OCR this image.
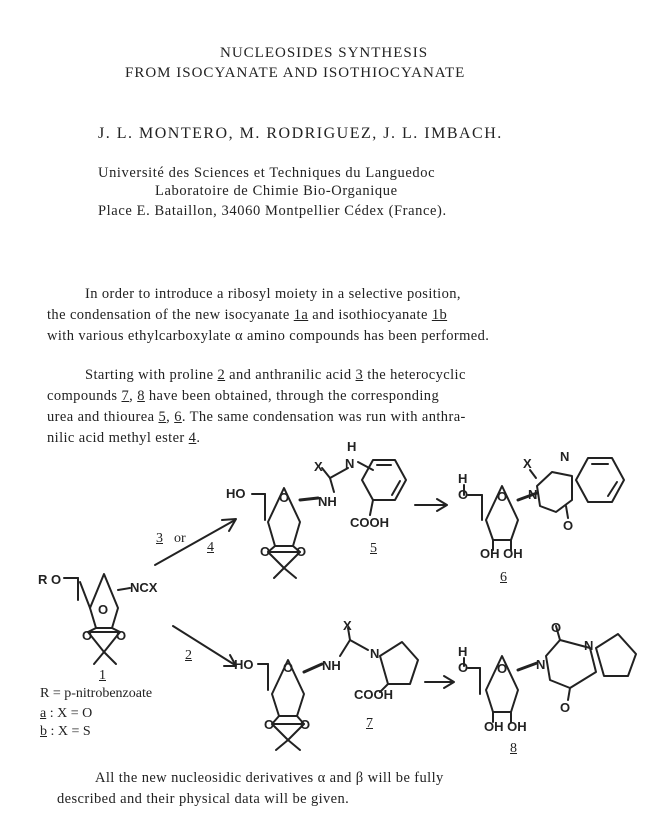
NUCLEOSIDES SYNTHESIS
FROM ISOCYANATE AND ISOTHIOCYANATE
J. L. MONTERO, M. RODRIGUEZ, J. L. IMBACH.
Université des Sciences et Techniques du Languedoc
Laboratoire de Chimie Bio-Organique
Place E. Bataillon, 34060 Montpellier Cédex (France).
In order to introduce a ribosyl moiety in a selective position,
the condensation of the new isocyanate 1a and isothiocyanate 1b
with various ethylcarboxylate α amino compounds has been performed.
Starting with proline 2 and anthranilic acid 3 the heterocyclic
compounds 7, 8 have been obtained, through the corresponding
urea and thiourea 5, 6. The same condensation was run with anthra-
nilic acid methyl ester 4.
R O
NCX
O
O O
HO	O NH
X
H
N
COOH
O O
H
O O N
X N
O
OH OH
HO O NH
X
N
COOH
O O
H
O O N
O
N
O
OH OH
3 or
4
2
5
6
7
8
1
R = p-nitrobenzoate
a : X = O
b : X = S
All the new nucleosidic derivatives α and β will be fully
described and their physical data will be given.
